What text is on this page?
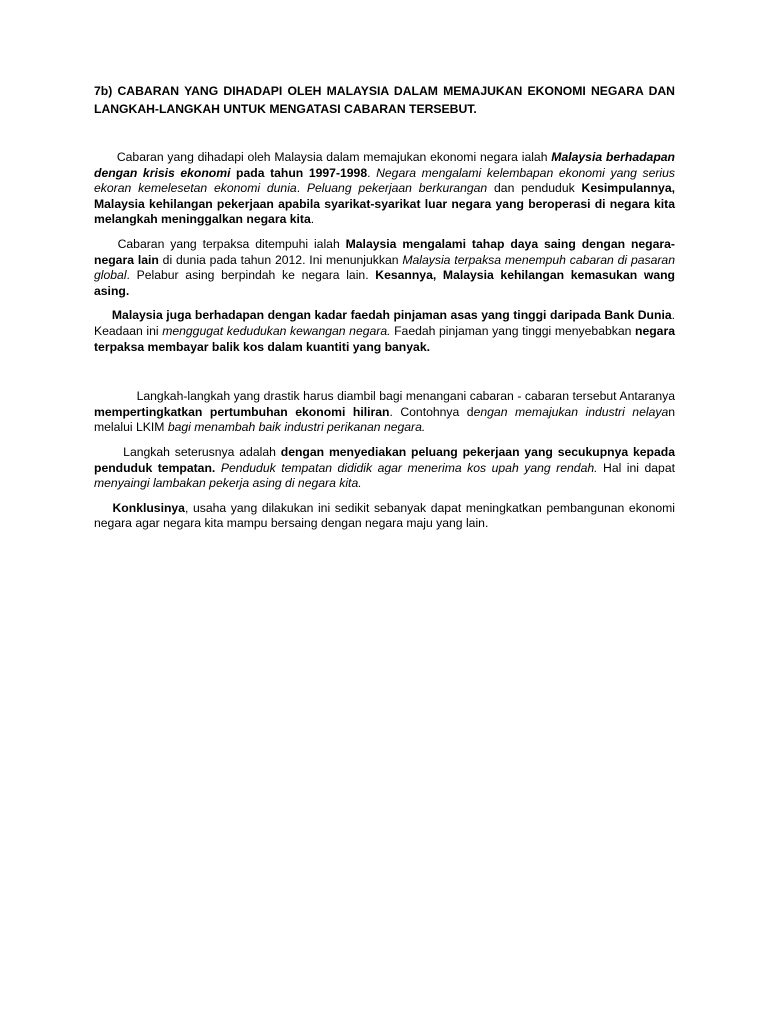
7b) CABARAN YANG DIHADAPI OLEH MALAYSIA DALAM MEMAJUKAN EKONOMI NEGARA DAN LANGKAH-LANGKAH UNTUK MENGATASI CABARAN TERSEBUT.

Cabaran yang dihadapi oleh Malaysia dalam memajukan ekonomi negara ialah Malaysia berhadapan dengan krisis ekonomi pada tahun 1997-1998. Negara mengalami kelembapan ekonomi yang serius ekoran kemelesetan ekonomi dunia. Peluang pekerjaan berkurangan dan penduduk Kesimpulannya, Malaysia kehilangan pekerjaan apabila syarikat-syarikat luar negara yang beroperasi di negara kita melangkah meninggalkan negara kita.

Cabaran yang terpaksa ditempuhi ialah Malaysia mengalami tahap daya saing dengan negara-negara lain di dunia pada tahun 2012. Ini menunjukkan Malaysia terpaksa menempuh cabaran di pasaran global. Pelabur asing berpindah ke negara lain. Kesannya, Malaysia kehilangan kemasukan wang asing.

Malaysia juga berhadapan dengan kadar faedah pinjaman asas yang tinggi daripada Bank Dunia. Keadaan ini menggugat kedudukan kewangan negara. Faedah pinjaman yang tinggi menyebabkan negara terpaksa membayar balik kos dalam kuantiti yang banyak.

Langkah-langkah yang drastik harus diambil bagi menangani cabaran - cabaran tersebut Antaranya mempertingkatkan pertumbuhan ekonomi hiliran. Contohnya dengan memajukan industri nelayan melalui LKIM bagi menambah baik industri perikanan negara.

Langkah seterusnya adalah dengan menyediakan peluang pekerjaan yang secukupnya kepada penduduk tempatan. Penduduk tempatan dididik agar menerima kos upah yang rendah. Hal ini dapat menyaingi lambakan pekerja asing di negara kita.

Konklusinya, usaha yang dilakukan ini sedikit sebanyak dapat meningkatkan pembangunan ekonomi negara agar negara kita mampu bersaing dengan negara maju yang lain.
